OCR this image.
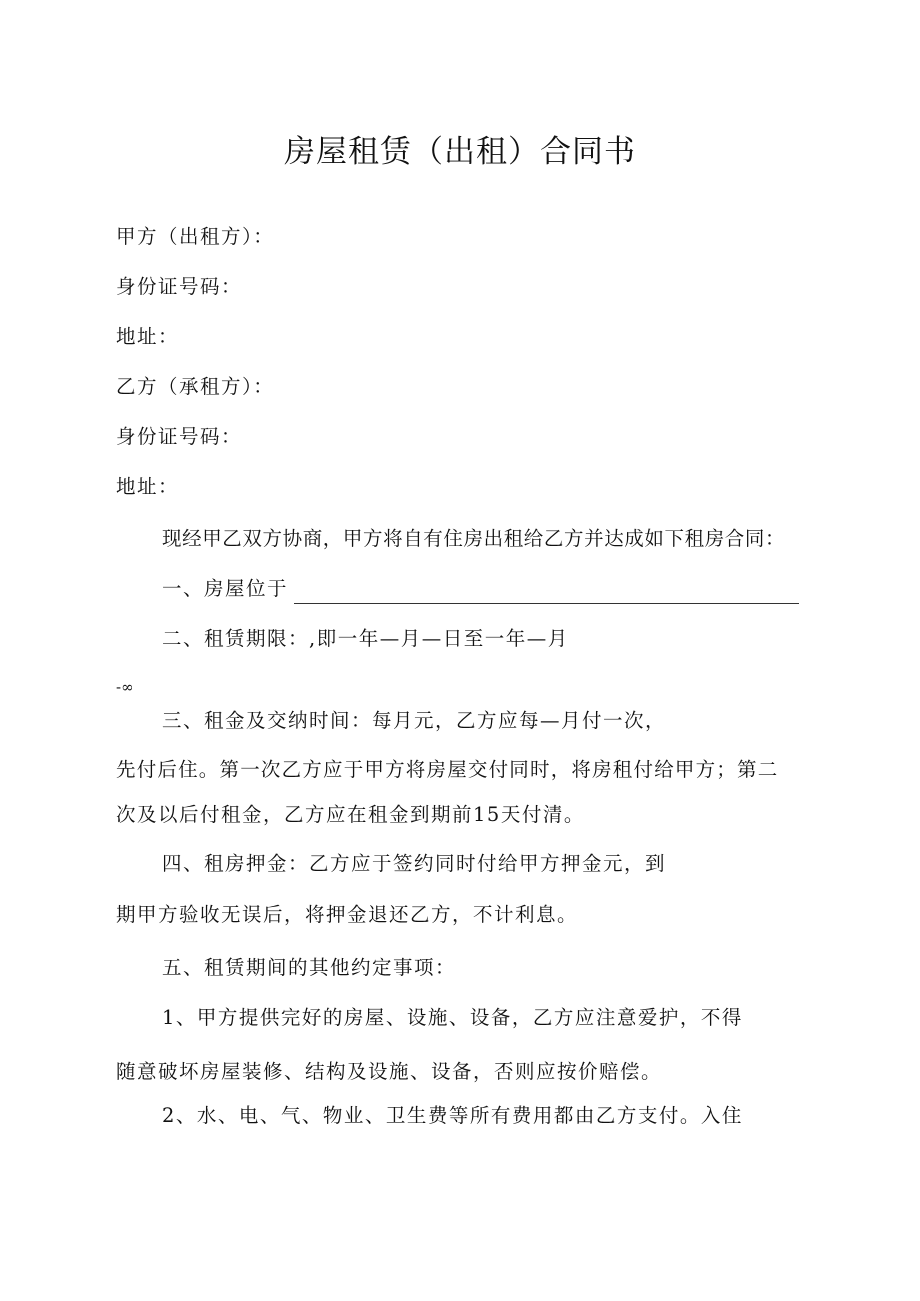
房屋租赁（出租）合同书
甲方（出租方）：
身份证号码：
地址：
乙方（承租方）：
身份证号码：
地址：
现经甲乙双方协商，甲方将自有住房出租给乙方并达成如下租房合同：
一、房屋位于
二、租赁期限：,即一年—月—日至一年—月
-∞
三、租金及交纳时间：每月元，乙方应每—月付一次，
先付后住。第一次乙方应于甲方将房屋交付同时，将房租付给甲方；第二
次及以后付租金，乙方应在租金到期前15天付清。
四、租房押金：乙方应于签约同时付给甲方押金元，到
期甲方验收无误后，将押金退还乙方，不计利息。
五、租赁期间的其他约定事项：
1、甲方提供完好的房屋、设施、设备，乙方应注意爱护，不得
随意破坏房屋装修、结构及设施、设备，否则应按价赔偿。
2、水、电、气、物业、卫生费等所有费用都由乙方支付。入住
